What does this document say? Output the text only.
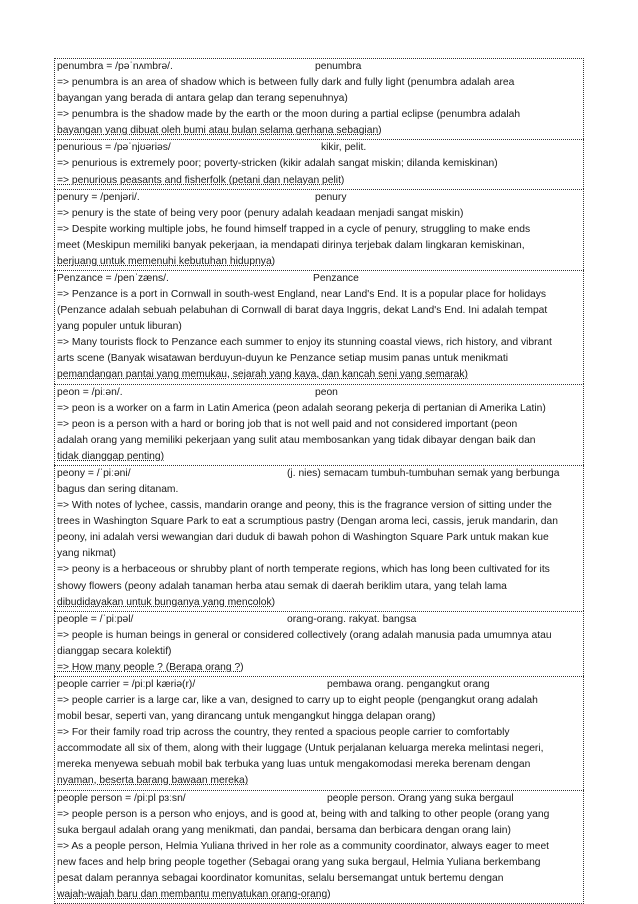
penumbra = /pəˈnʌmbrə/.	penumbra
=> penumbra is an area of shadow which is between fully dark and fully light (penumbra adalah area
bayangan yang berada di antara gelap dan terang sepenuhnya)
=> penumbra is the shadow made by the earth or the moon during a partial eclipse (penumbra adalah
bayangan yang dibuat oleh bumi atau bulan selama gerhana sebagian)
penurious = /pəˈnjʊəriəs/	kikir, pelit.
=> penurious is extremely poor; poverty-stricken (kikir adalah sangat miskin; dilanda kemiskinan)
=> penurious peasants and fisherfolk (petani dan nelayan pelit)
penury = /penjəri/.	penury
=> penury is the state of being very poor (penury adalah keadaan menjadi sangat miskin)
=> Despite working multiple jobs, he found himself trapped in a cycle of penury, struggling to make ends
meet (Meskipun memiliki banyak pekerjaan, ia mendapati dirinya terjebak dalam lingkaran kemiskinan,
berjuang untuk memenuhi kebutuhan hidupnya)
Penzance = /penˈzæns/.	Penzance
=> Penzance is a port in Cornwall in south-west England, near Land's End. It is a popular place for holidays
(Penzance adalah sebuah pelabuhan di Cornwall di barat daya Inggris, dekat Land's End. Ini adalah tempat
yang populer untuk liburan)
=> Many tourists flock to Penzance each summer to enjoy its stunning coastal views, rich history, and vibrant
arts scene (Banyak wisatawan berduyun-duyun ke Penzance setiap musim panas untuk menikmati
pemandangan pantai yang memukau, sejarah yang kaya, dan kancah seni yang semarak)
peon = /piːən/.	peon
=> peon is a worker on a farm in Latin America (peon adalah seorang pekerja di pertanian di Amerika Latin)
=> peon is a person with a hard or boring job that is not well paid and not considered important (peon
adalah orang yang memiliki pekerjaan yang sulit atau membosankan yang tidak dibayar dengan baik dan
tidak dianggap penting)
peony = /ˈpiːəni/	(j. nies) semacam tumbuh-tumbuhan semak yang berbunga
bagus dan sering ditanam.
=> With notes of lychee, cassis, mandarin orange and peony, this is the fragrance version of sitting under the
trees in Washington Square Park to eat a scrumptious pastry (Dengan aroma leci, cassis, jeruk mandarin, dan
peony, ini adalah versi wewangian dari duduk di bawah pohon di Washington Square Park untuk makan kue
yang nikmat)
=> peony is a herbaceous or shrubby plant of north temperate regions, which has long been cultivated for its
showy flowers (peony adalah tanaman herba atau semak di daerah beriklim utara, yang telah lama
dibudidayakan untuk bunganya yang mencolok)
people = /ˈpiːpəl/	orang-orang. rakyat. bangsa
=> people is human beings in general or considered collectively (orang adalah manusia pada umumnya atau
dianggap secara kolektif)
=> How many people ? (Berapa orang ?)
people carrier = /piːpl kæriə(r)/	pembawa orang. pengangkut orang
=> people carrier is a large car, like a van, designed to carry up to eight people (pengangkut orang adalah
mobil besar, seperti van, yang dirancang untuk mengangkut hingga delapan orang)
=> For their family road trip across the country, they rented a spacious people carrier to comfortably
accommodate all six of them, along with their luggage (Untuk perjalanan keluarga mereka melintasi negeri,
mereka menyewa sebuah mobil bak terbuka yang luas untuk mengakomodasi mereka berenam dengan
nyaman, beserta barang bawaan mereka)
people person = /piːpl pɜːsn/	people person. Orang yang suka bergaul
=> people person is a person who enjoys, and is good at, being with and talking to other people (orang yang
suka bergaul adalah orang yang menikmati, dan pandai, bersama dan berbicara dengan orang lain)
=> As a people person, Helmia Yuliana thrived in her role as a community coordinator, always eager to meet
new faces and help bring people together (Sebagai orang yang suka bergaul, Helmia Yuliana berkembang
pesat dalam perannya sebagai koordinator komunitas, selalu bersemangat untuk bertemu dengan
wajah-wajah baru dan membantu menyatukan orang-orang)
